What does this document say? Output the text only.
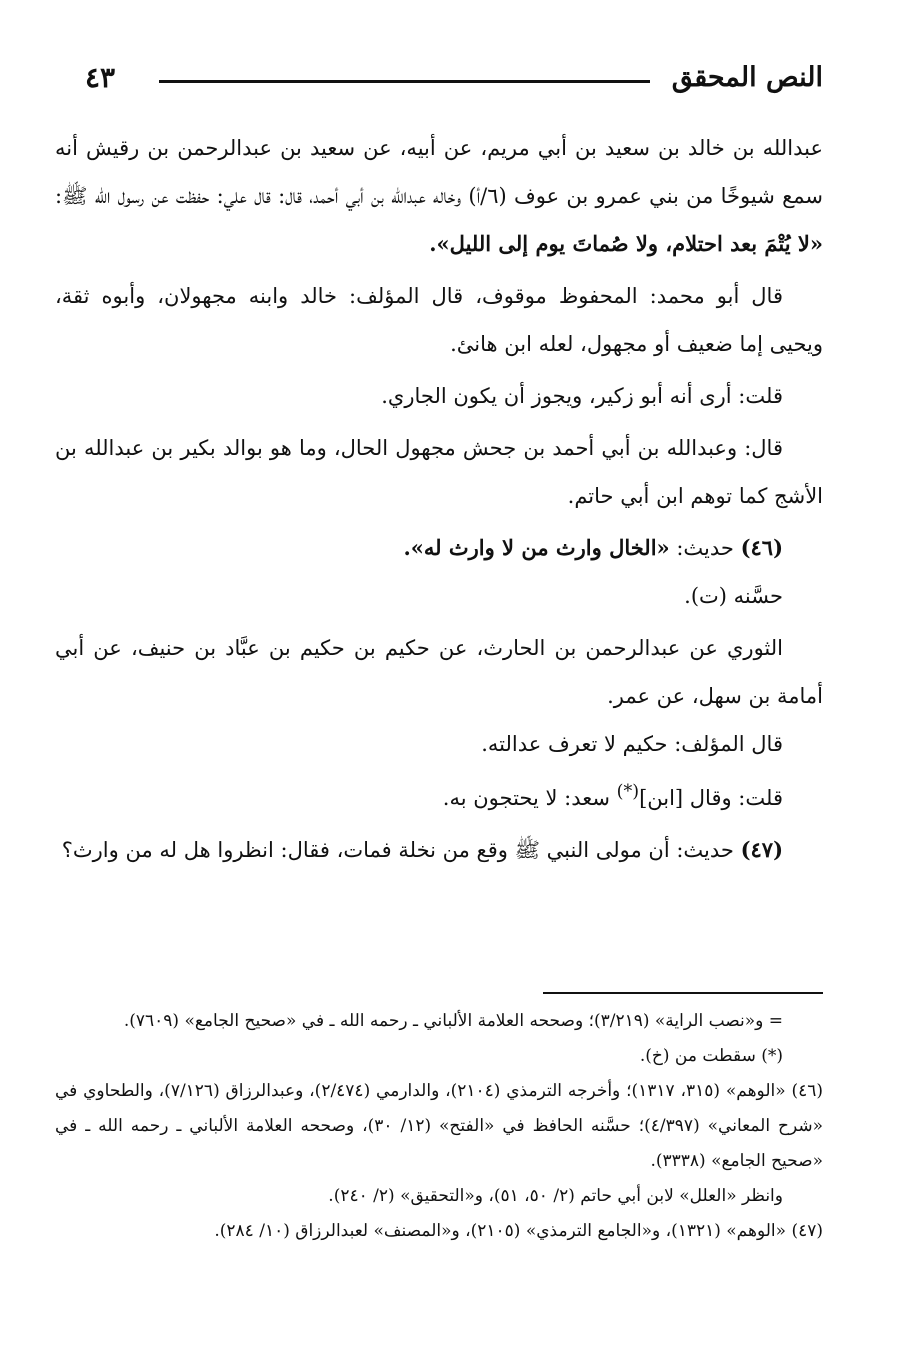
النص المحقق
٤٣

عبدالله بن خالد بن سعيد بن أبي مريم، عن أبيه، عن سعيد بن عبدالرحمن بن رقيش أنه سمع شيوخًا من بني عمرو بن عوف (٦/أ) وخاله عبدالله بن أبي أحمد، قال: قال علي: حفظت عن رسول الله ﷺ: «لا يُتْمَ بعد احتلام، ولا صُماتَ يوم إلى الليل».

قال أبو محمد: المحفوظ موقوف، قال المؤلف: خالد وابنه مجهولان، وأبوه ثقة، ويحيى إما ضعيف أو مجهول، لعله ابن هانئ.

قلت: أرى أنه أبو زكير، ويجوز أن يكون الجاري.

قال: وعبدالله بن أبي أحمد بن جحش مجهول الحال، وما هو بوالد بكير بن عبدالله بن الأشج كما توهم ابن أبي حاتم.

(٤٦) حديث: «الخال وارث من لا وارث له».

حسَّنه (ت).

الثوري عن عبدالرحمن بن الحارث، عن حكيم بن حكيم بن عبَّاد بن حنيف، عن أبي أمامة بن سهل، عن عمر.

قال المؤلف: حكيم لا تعرف عدالته.

قلت: وقال [ابن](*) سعد: لا يحتجون به.

(٤٧) حديث: أن مولى النبي ﷺ وقع من نخلة فمات، فقال: انظروا هل له من وارث؟

= و«نصب الراية» (٣/٢١٩)؛ وصححه العلامة الألباني ـ رحمه الله ـ في «صحيح الجامع» (٧٦٠٩).

(*) سقطت من (خ).

(٤٦) «الوهم» (٣١٥، ١٣١٧)؛ وأخرجه الترمذي (٢١٠٤)، والدارمي (٢/٤٧٤)، وعبدالرزاق (٧/١٢٦)، والطحاوي في «شرح المعاني» (٤/٣٩٧)؛ حسَّنه الحافظ في «الفتح» (١٢/ ٣٠)، وصححه العلامة الألباني ـ رحمه الله ـ في «صحيح الجامع» (٣٣٣٨).

وانظر «العلل» لابن أبي حاتم (٢/ ٥٠، ٥١)، و«التحقيق» (٢/ ٢٤٠).

(٤٧) «الوهم» (١٣٢١)، و«الجامع الترمذي» (٢١٠٥)، و«المصنف» لعبدالرزاق (١٠/ ٢٨٤).
